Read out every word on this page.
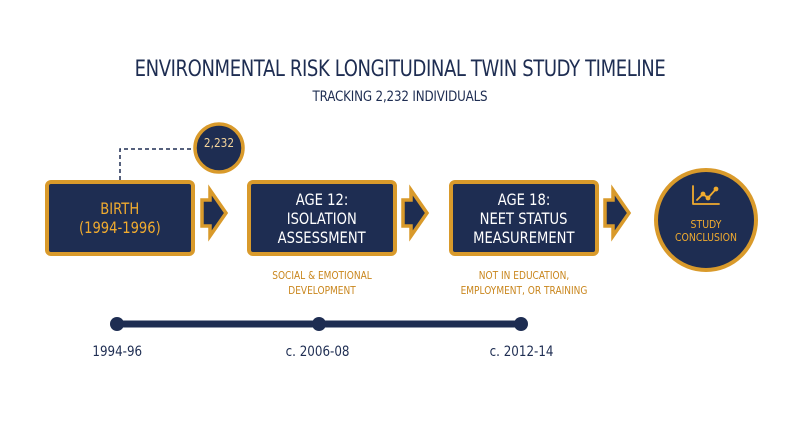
ENVIRONMENTAL RISK LONGITUDINAL TWIN STUDY TIMELINE
TRACKING 2,232 INDIVIDUALS
2,232
BIRTH
(1994-1996)
AGE 12:
ISOLATION
ASSESSMENT
AGE 18:
NEET STATUS
MEASUREMENT
SOCIAL & EMOTIONAL
DEVELOPMENT
NOT IN EDUCATION,
EMPLOYMENT, OR TRAINING
STUDY
CONCLUSION
1994-96	c. 2006-08	c. 2012-14
